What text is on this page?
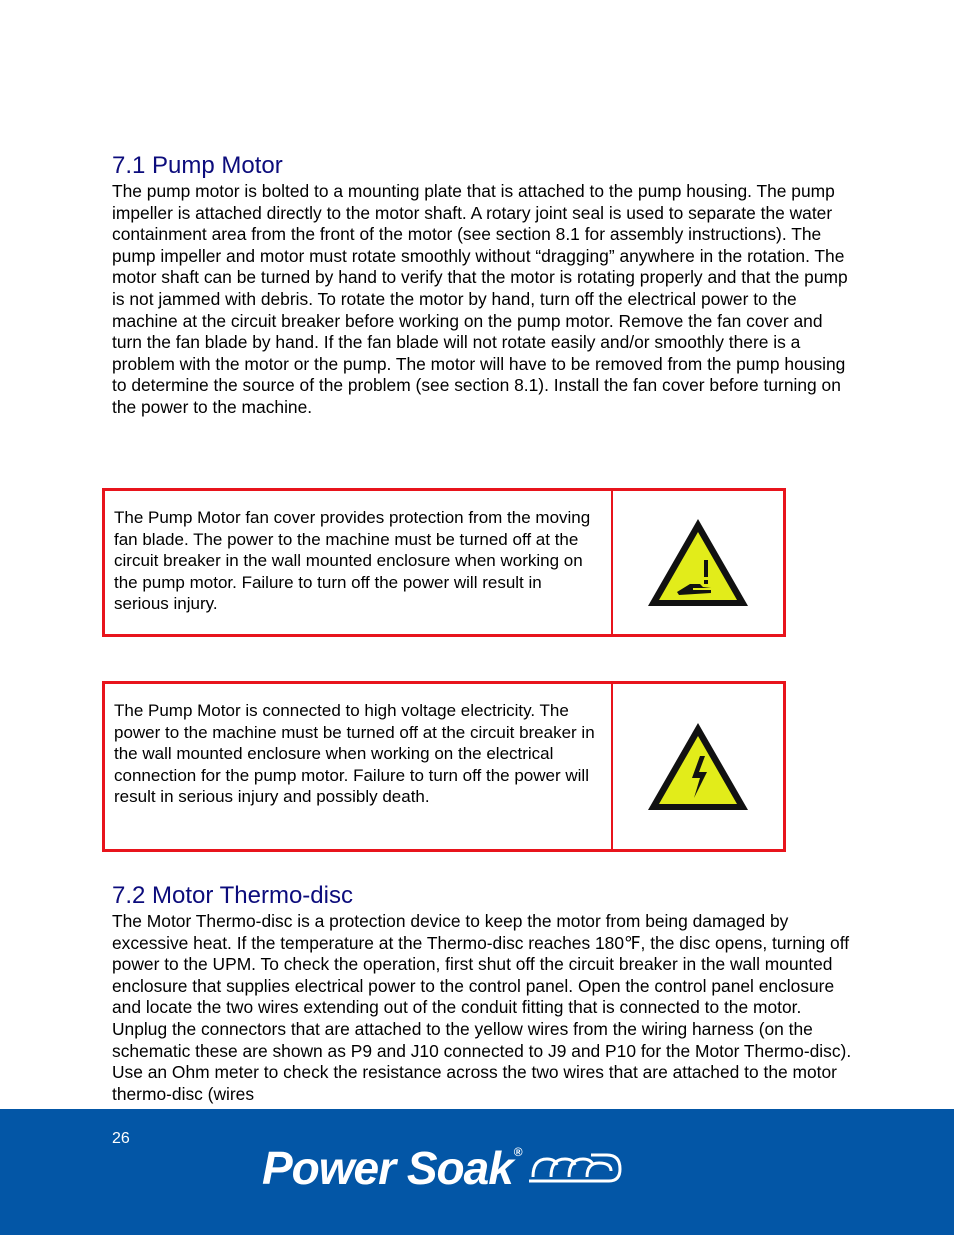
7.1 Pump Motor

The pump motor is bolted to a mounting plate that is attached to the pump housing. The pump impeller is attached directly to the motor shaft. A rotary joint seal is used to separate the water containment area from the front of the motor (see section 8.1 for assembly instructions). The pump impeller and motor must rotate smoothly without “dragging” anywhere in the rotation. The motor shaft can be turned by hand to verify that the motor is rotating properly and that the pump is not jammed with debris. To rotate the motor by hand, turn off the electrical power to the machine at the circuit breaker before working on the pump motor. Remove the fan cover and turn the fan blade by hand. If the fan blade will not rotate easily and/or smoothly there is a problem with the motor or the pump. The motor will have to be removed from the pump housing to determine the source of the problem (see section 8.1). Install the fan cover before turning on the power to the machine.

The Pump Motor fan cover provides protection from the moving fan blade. The power to the machine must be turned off at the circuit breaker in the wall mounted enclosure when working on the pump motor. Failure to turn off the power will result in serious injury.
The Pump Motor is connected to high voltage electricity. The power to the machine must be turned off at the circuit breaker in the wall mounted enclosure when working on the electrical connection for the pump motor. Failure to turn off the power will result in serious injury and possibly death.
7.2 Motor Thermo-disc

The Motor Thermo-disc is a protection device to keep the motor from being damaged by excessive heat. If the temperature at the Thermo-disc reaches 180℉, the disc opens, turning off power to the UPM. To check the operation, first shut off the circuit breaker in the wall mounted enclosure that supplies electrical power to the control panel. Open the control panel enclosure and locate the two wires extending out of the conduit fitting that is connected to the motor. Unplug the connectors that are attached to the yellow wires from the wiring harness (on the schematic these are shown as P9 and J10 connected to J9 and P10 for the Motor Thermo-disc). Use an Ohm meter to check the resistance across the two wires that are attached to the motor thermo-disc (wires

26
Power Soak ®
